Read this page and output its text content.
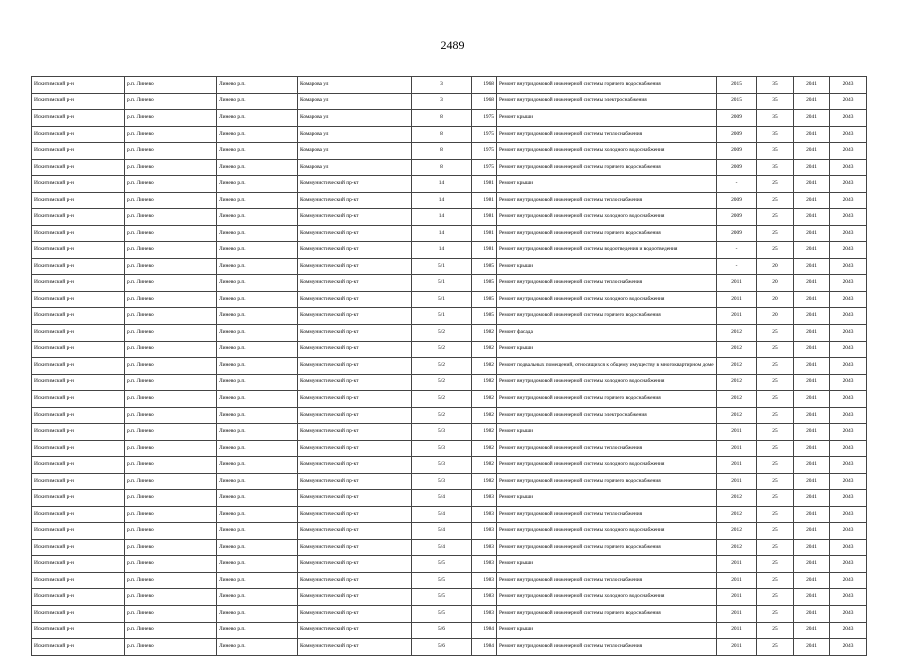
2489
Искитимский р-н	р.п. Линево	Линево р.п.	Комарова ул	3	1968	Ремонт внутридомовой инженерной системы горячего водоснабжения	2015	35	2041	2043
Искитимский р-н	р.п. Линево	Линево р.п.	Комарова ул	3	1968	Ремонт внутридомовой инженерной системы электроснабжения	2015	35	2041	2043
Искитимский р-н	р.п. Линево	Линево р.п.	Комарова ул	8	1975	Ремонт крыши	2009	35	2041	2043
Искитимский р-н	р.п. Линево	Линево р.п.	Комарова ул	8	1975	Ремонт внутридомовой инженерной системы теплоснабжения	2009	35	2041	2043
Искитимский р-н	р.п. Линево	Линево р.п.	Комарова ул	8	1975	Ремонт внутридомовой инженерной системы холодного водоснабжения	2009	35	2041	2043
Искитимский р-н	р.п. Линево	Линево р.п.	Комарова ул	8	1975	Ремонт внутридомовой инженерной системы горячего водоснабжения	2009	35	2041	2043
Искитимский р-н	р.п. Линево	Линево р.п.	Коммунистический пр-кт	14	1981	Ремонт крыши	-	25	2041	2043
Искитимский р-н	р.п. Линево	Линево р.п.	Коммунистический пр-кт	14	1981	Ремонт внутридомовой инженерной системы теплоснабжения	2009	25	2041	2043
Искитимский р-н	р.п. Линево	Линево р.п.	Коммунистический пр-кт	14	1981	Ремонт внутридомовой инженерной системы холодного водоснабжения	2009	25	2041	2043
Искитимский р-н	р.п. Линево	Линево р.п.	Коммунистический пр-кт	14	1981	Ремонт внутридомовой инженерной системы горячего водоснабжения	2009	25	2041	2043
Искитимский р-н	р.п. Линево	Линево р.п.	Коммунистический пр-кт	14	1981	Ремонт внутридомовой инженерной системы водоотведения и водоотведения	-	25	2041	2043
Искитимский р-н	р.п. Линево	Линево р.п.	Коммунистический пр-кт	5/1	1985	Ремонт крыши	-	20	2041	2043
Искитимский р-н	р.п. Линево	Линево р.п.	Коммунистический пр-кт	5/1	1985	Ремонт внутридомовой инженерной системы теплоснабжения	2011	20	2041	2043
Искитимский р-н	р.п. Линево	Линево р.п.	Коммунистический пр-кт	5/1	1985	Ремонт внутридомовой инженерной системы холодного водоснабжения	2011	20	2041	2043
Искитимский р-н	р.п. Линево	Линево р.п.	Коммунистический пр-кт	5/1	1985	Ремонт внутридомовой инженерной системы горячего водоснабжения	2011	20	2041	2043
Искитимский р-н	р.п. Линево	Линево р.п.	Коммунистический пр-кт	5/2	1982	Ремонт фасада	2012	25	2041	2043
Искитимский р-н	р.п. Линево	Линево р.п.	Коммунистический пр-кт	5/2	1982	Ремонт крыши	2012	25	2041	2043
Искитимский р-н	р.п. Линево	Линево р.п.	Коммунистический пр-кт	5/2	1982	Ремонт подвальных помещений, относящихся к общему имуществу в многоквартирном доме	2012	25	2041	2043
Искитимский р-н	р.п. Линево	Линево р.п.	Коммунистический пр-кт	5/2	1982	Ремонт внутридомовой инженерной системы холодного водоснабжения	2012	25	2041	2043
Искитимский р-н	р.п. Линево	Линево р.п.	Коммунистический пр-кт	5/2	1982	Ремонт внутридомовой инженерной системы горячего водоснабжения	2012	25	2041	2043
Искитимский р-н	р.п. Линево	Линево р.п.	Коммунистический пр-кт	5/2	1982	Ремонт внутридомовой инженерной системы электроснабжения	2012	25	2041	2043
Искитимский р-н	р.п. Линево	Линево р.п.	Коммунистический пр-кт	5/3	1982	Ремонт крыши	2011	25	2041	2043
Искитимский р-н	р.п. Линево	Линево р.п.	Коммунистический пр-кт	5/3	1982	Ремонт внутридомовой инженерной системы теплоснабжения	2011	25	2041	2043
Искитимский р-н	р.п. Линево	Линево р.п.	Коммунистический пр-кт	5/3	1982	Ремонт внутридомовой инженерной системы холодного водоснабжения	2011	25	2041	2043
Искитимский р-н	р.п. Линево	Линево р.п.	Коммунистический пр-кт	5/3	1982	Ремонт внутридомовой инженерной системы горячего водоснабжения	2011	25	2041	2043
Искитимский р-н	р.п. Линево	Линево р.п.	Коммунистический пр-кт	5/4	1983	Ремонт крыши	2012	25	2041	2043
Искитимский р-н	р.п. Линево	Линево р.п.	Коммунистический пр-кт	5/4	1983	Ремонт внутридомовой инженерной системы теплоснабжения	2012	25	2041	2043
Искитимский р-н	р.п. Линево	Линево р.п.	Коммунистический пр-кт	5/4	1983	Ремонт внутридомовой инженерной системы холодного водоснабжения	2012	25	2041	2043
Искитимский р-н	р.п. Линево	Линево р.п.	Коммунистический пр-кт	5/4	1983	Ремонт внутридомовой инженерной системы горячего водоснабжения	2012	25	2041	2043
Искитимский р-н	р.п. Линево	Линево р.п.	Коммунистический пр-кт	5/5	1983	Ремонт крыши	2011	25	2041	2043
Искитимский р-н	р.п. Линево	Линево р.п.	Коммунистический пр-кт	5/5	1983	Ремонт внутридомовой инженерной системы теплоснабжения	2011	25	2041	2043
Искитимский р-н	р.п. Линево	Линево р.п.	Коммунистический пр-кт	5/5	1983	Ремонт внутридомовой инженерной системы холодного водоснабжения	2011	25	2041	2043
Искитимский р-н	р.п. Линево	Линево р.п.	Коммунистический пр-кт	5/5	1983	Ремонт внутридомовой инженерной системы горячего водоснабжения	2011	25	2041	2043
Искитимский р-н	р.п. Линево	Линево р.п.	Коммунистический пр-кт	5/6	1984	Ремонт крыши	2011	25	2041	2043
Искитимский р-н	р.п. Линево	Линево р.п.	Коммунистический пр-кт	5/6	1984	Ремонт внутридомовой инженерной системы теплоснабжения	2011	25	2041	2043
